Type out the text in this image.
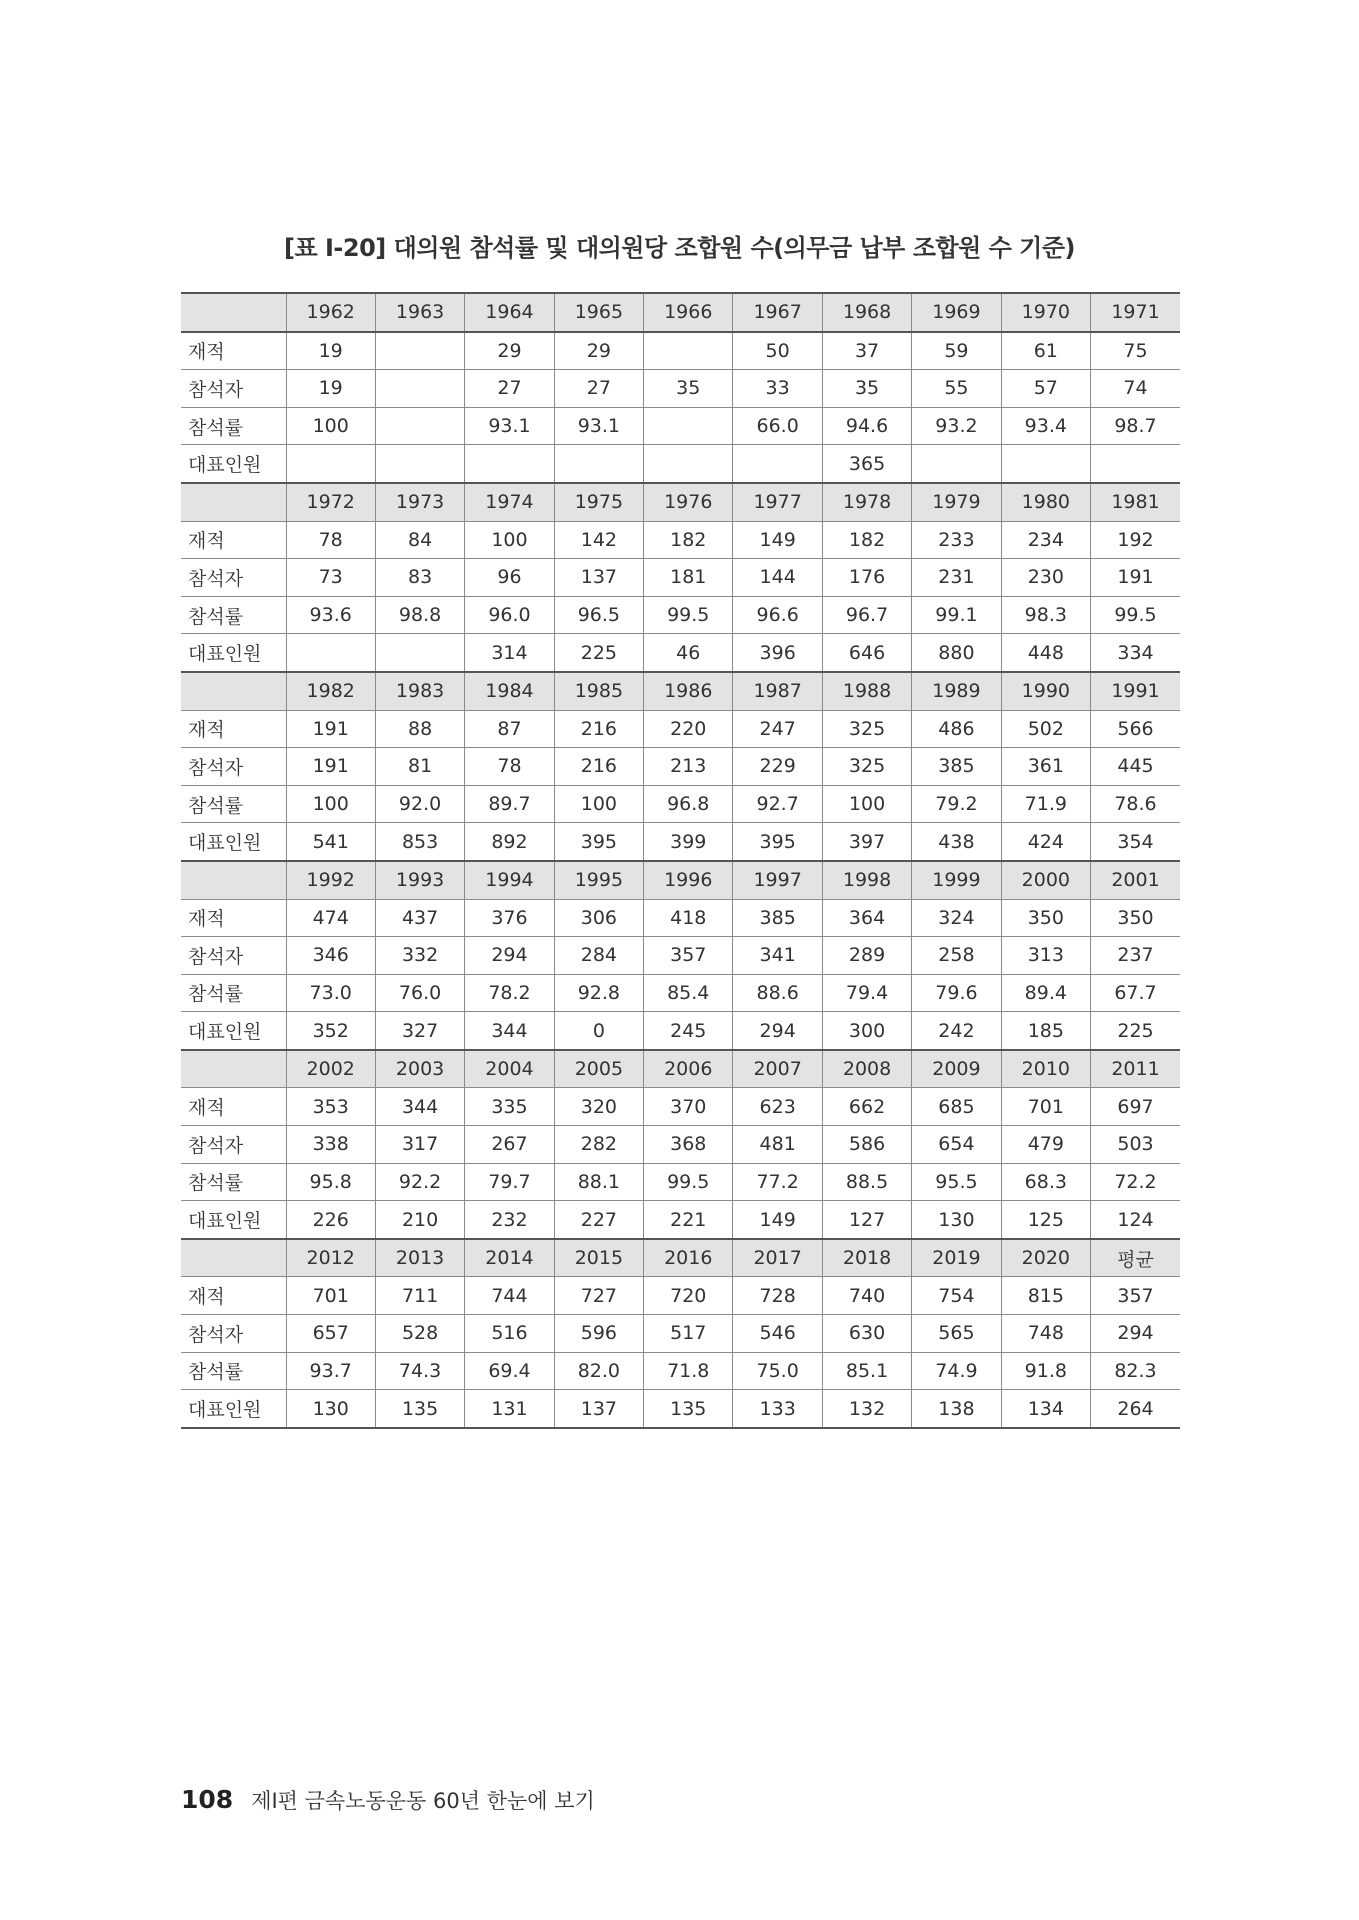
[표 Ⅰ-20] 대의원 참석률 및 대의원당 조합원 수(의무금 납부 조합원 수 기준)
	1962	1963	1964	1965	1966	1967	1968	1969	1970	1971
재적	19		29	29		50	37	59	61	75
참석자	19		27	27	35	33	35	55	57	74
참석률	100		93.1	93.1		66.0	94.6	93.2	93.4	98.7
대표인원							365			
	1972	1973	1974	1975	1976	1977	1978	1979	1980	1981
재적	78	84	100	142	182	149	182	233	234	192
참석자	73	83	96	137	181	144	176	231	230	191
참석률	93.6	98.8	96.0	96.5	99.5	96.6	96.7	99.1	98.3	99.5
대표인원			314	225	46	396	646	880	448	334
	1982	1983	1984	1985	1986	1987	1988	1989	1990	1991
재적	191	88	87	216	220	247	325	486	502	566
참석자	191	81	78	216	213	229	325	385	361	445
참석률	100	92.0	89.7	100	96.8	92.7	100	79.2	71.9	78.6
대표인원	541	853	892	395	399	395	397	438	424	354
	1992	1993	1994	1995	1996	1997	1998	1999	2000	2001
재적	474	437	376	306	418	385	364	324	350	350
참석자	346	332	294	284	357	341	289	258	313	237
참석률	73.0	76.0	78.2	92.8	85.4	88.6	79.4	79.6	89.4	67.7
대표인원	352	327	344	0	245	294	300	242	185	225
	2002	2003	2004	2005	2006	2007	2008	2009	2010	2011
재적	353	344	335	320	370	623	662	685	701	697
참석자	338	317	267	282	368	481	586	654	479	503
참석률	95.8	92.2	79.7	88.1	99.5	77.2	88.5	95.5	68.3	72.2
대표인원	226	210	232	227	221	149	127	130	125	124
	2012	2013	2014	2015	2016	2017	2018	2019	2020	평균
재적	701	711	744	727	720	728	740	754	815	357
참석자	657	528	516	596	517	546	630	565	748	294
참석률	93.7	74.3	69.4	82.0	71.8	75.0	85.1	74.9	91.8	82.3
대표인원	130	135	131	137	135	133	132	138	134	264
108 제Ⅰ편 금속노동운동 60년 한눈에 보기
